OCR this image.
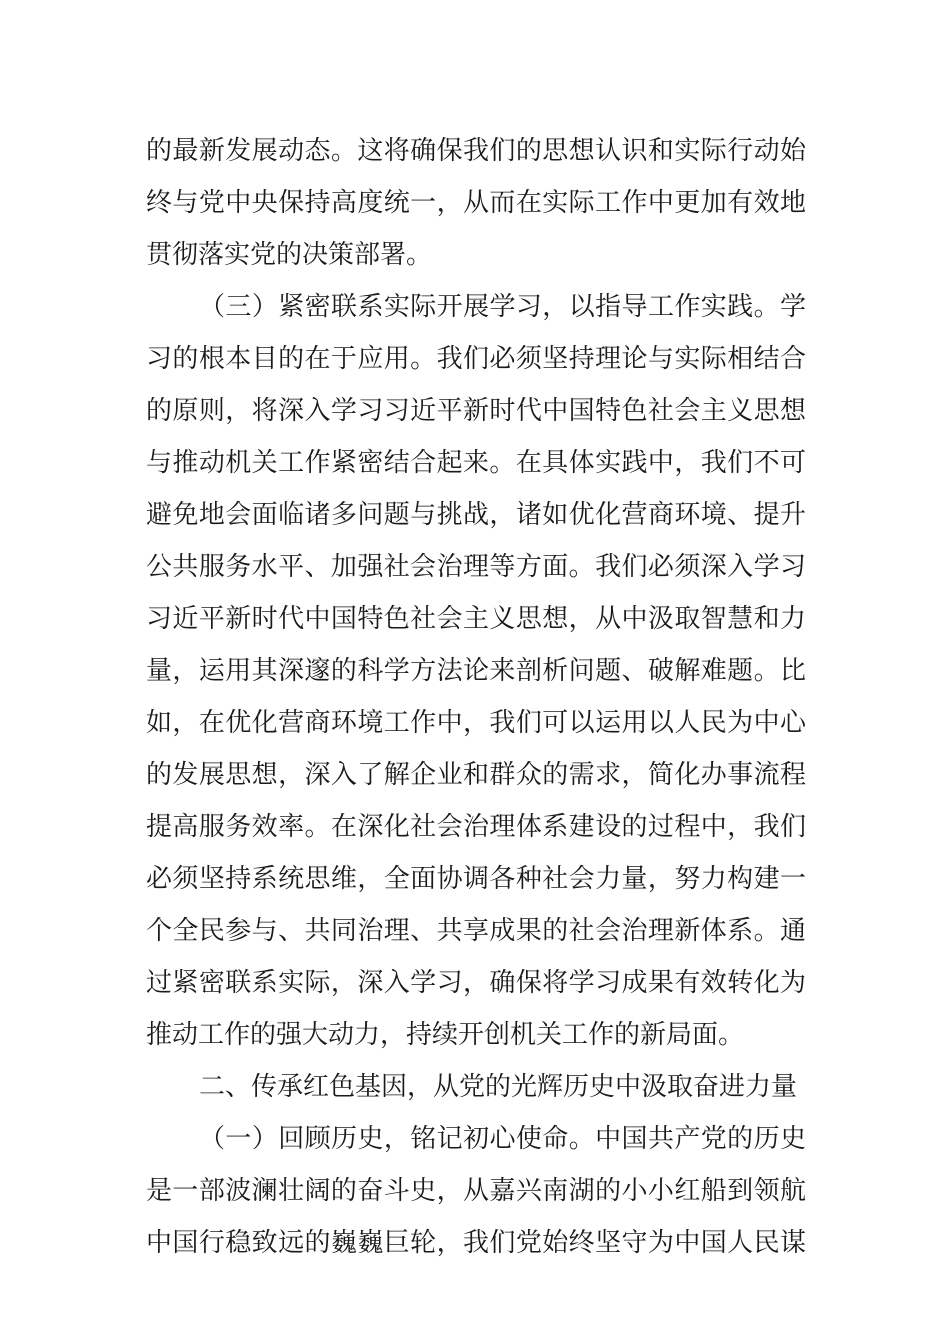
的最新发展动态。这将确保我们的思想认识和实际行动始
终与党中央保持高度统一，从而在实际工作中更加有效地
贯彻落实党的决策部署。
（三）紧密联系实际开展学习，以指导工作实践。学
习的根本目的在于应用。我们必须坚持理论与实际相结合
的原则，将深入学习习近平新时代中国特色社会主义思想
与推动机关工作紧密结合起来。在具体实践中，我们不可
避免地会面临诸多问题与挑战，诸如优化营商环境、提升
公共服务水平、加强社会治理等方面。我们必须深入学习
习近平新时代中国特色社会主义思想，从中汲取智慧和力
量，运用其深邃的科学方法论来剖析问题、破解难题。比
如，在优化营商环境工作中，我们可以运用以人民为中心
的发展思想，深入了解企业和群众的需求，简化办事流程
提高服务效率。在深化社会治理体系建设的过程中，我们
必须坚持系统思维，全面协调各种社会力量，努力构建一
个全民参与、共同治理、共享成果的社会治理新体系。通
过紧密联系实际，深入学习，确保将学习成果有效转化为
推动工作的强大动力，持续开创机关工作的新局面。
二、传承红色基因，从党的光辉历史中汲取奋进力量
（一）回顾历史，铭记初心使命。中国共产党的历史
是一部波澜壮阔的奋斗史，从嘉兴南湖的小小红船到领航
中国行稳致远的巍巍巨轮，我们党始终坚守为中国人民谋
